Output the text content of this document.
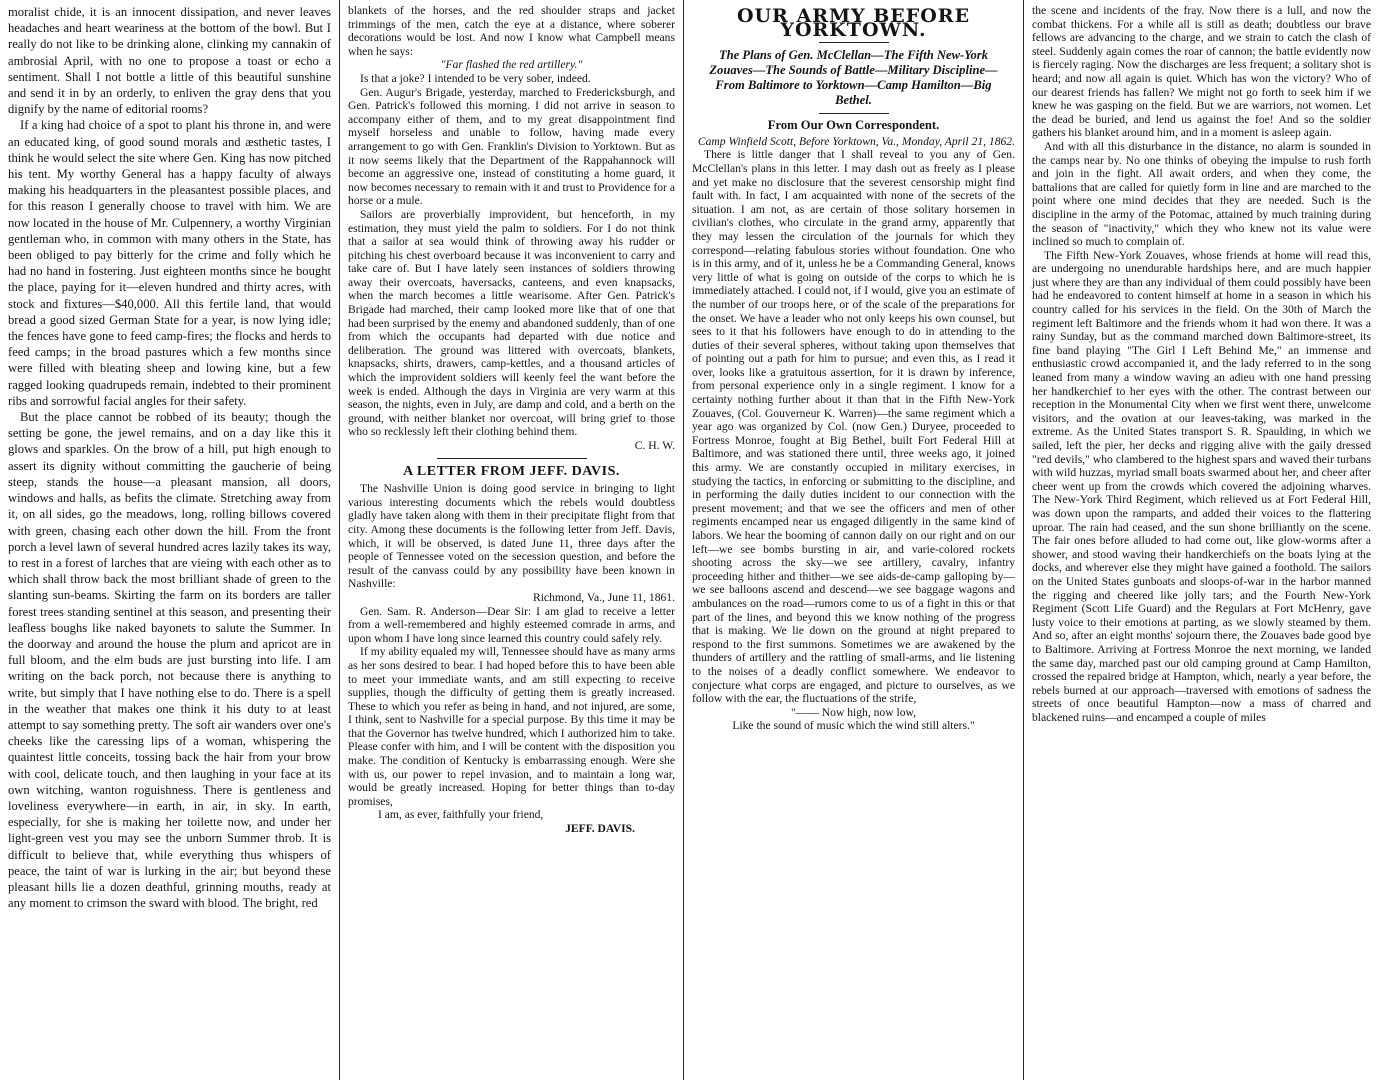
moralist chide, it is an innocent dissipation, and never leaves headaches and heart weariness at the bottom of the bowl. But I really do not like to be drinking alone, clinking my cannakin of ambrosial April, with no one to propose a toast or echo a sentiment. Shall I not bottle a little of this beautiful sunshine and send it in by an orderly, to enliven the gray dens that you dignify by the name of editorial rooms?

If a king had choice of a spot to plant his throne in, and were an educated king, of good sound morals and æsthetic tastes, I think he would select the site where Gen. King has now pitched his tent. My worthy General has a happy faculty of always making his headquarters in the pleasantest possible places, and for this reason I generally choose to travel with him. We are now located in the house of Mr. Culpennery, a worthy Virginian gentleman who, in common with many others in the State, has been obliged to pay bitterly for the crime and folly which he had no hand in fostering. Just eighteen months since he bought the place, paying for it—eleven hundred and thirty acres, with stock and fixtures—$40,000. All this fertile land, that would bread a good sized German State for a year, is now lying idle; the fences have gone to feed camp-fires; the flocks and herds to feed camps; in the broad pastures which a few months since were filled with bleating sheep and lowing kine, but a few ragged looking quadrupeds remain, indebted to their prominent ribs and sorrowful facial angles for their safety.

But the place cannot be robbed of its beauty; though the setting be gone, the jewel remains, and on a day like this it glows and sparkles. On the brow of a hill, put high enough to assert its dignity without committing the gaucherie of being steep, stands the house—a pleasant mansion, all doors, windows and halls, as befits the climate. Stretching away from it, on all sides, go the meadows, long, rolling billows covered with green, chasing each other down the hill. From the front porch a level lawn of several hundred acres lazily takes its way, to rest in a forest of larches that are vieing with each other as to which shall throw back the most brilliant shade of green to the slanting sun-beams. Skirting the farm on its borders are taller forest trees standing sentinel at this season, and presenting their leafless boughs like naked bayonets to salute the Summer. In the doorway and around the house the plum and apricot are in full bloom, and the elm buds are just bursting into life. I am writing on the back porch, not because there is anything to write, but simply that I have nothing else to do. There is a spell in the weather that makes one think it his duty to at least attempt to say something pretty. The soft air wanders over one's cheeks like the caressing lips of a woman, whispering the quaintest little conceits, tossing back the hair from your brow with cool, delicate touch, and then laughing in your face at its own witching, wanton roguishness. There is gentleness and loveliness everywhere—in earth, in air, in sky. In earth, especially, for she is making her toilette now, and under her light-green vest you may see the unborn Summer throb. It is difficult to believe that, while everything thus whispers of peace, the taint of war is lurking in the air; but beyond these pleasant hills lie a dozen deathful, grinning mouths, ready at any moment to crimson the sward with blood. The bright, red

blankets of the horses, and the red shoulder straps and jacket trimmings of the men, catch the eye at a distance, where soberer decorations would be lost. And now I know what Campbell means when he says:

"Far flashed the red artillery."

Is that a joke? I intended to be very sober, indeed.

Gen. Augur's Brigade, yesterday, marched to Fredericksburgh, and Gen. Patrick's followed this morning. I did not arrive in season to accompany either of them, and to my great disappointment find myself horseless and unable to follow, having made every arrangement to go with Gen. Franklin's Division to Yorktown. But as it now seems likely that the Department of the Rappahannock will become an aggressive one, instead of constituting a home guard, it now becomes necessary to remain with it and trust to Providence for a horse or a mule.

Sailors are proverbially improvident, but henceforth, in my estimation, they must yield the palm to soldiers. For I do not think that a sailor at sea would think of throwing away his rudder or pitching his chest overboard because it was inconvenient to carry and take care of. But I have lately seen instances of soldiers throwing away their overcoats, haversacks, canteens, and even knapsacks, when the march becomes a little wearisome. After Gen. Patrick's Brigade had marched, their camp looked more like that of one that had been surprised by the enemy and abandoned suddenly, than of one from which the occupants had departed with due notice and deliberation. The ground was littered with overcoats, blankets, knapsacks, shirts, drawers, camp-kettles, and a thousand articles of which the improvident soldiers will keenly feel the want before the week is ended. Although the days in Virginia are very warm at this season, the nights, even in July, are damp and cold, and a berth on the ground, with neither blanket nor overcoat, will bring grief to those who so recklessly left their clothing behind them.

C. H. W.

A LETTER FROM JEFF. DAVIS.

The Nashville Union is doing good service in bringing to light various interesting documents which the rebels would doubtless gladly have taken along with them in their precipitate flight from that city. Among these documents is the following letter from Jeff. Davis, which, it will be observed, is dated June 11, three days after the people of Tennessee voted on the secession question, and before the result of the canvass could by any possibility have been known in Nashville:

Richmond, Va., June 11, 1861.

Gen. Sam. R. Anderson—Dear Sir: I am glad to receive a letter from a well-remembered and highly esteemed comrade in arms, and upon whom I have long since learned this country could safely rely.

If my ability equaled my will, Tennessee should have as many arms as her sons desired to bear. I had hoped before this to have been able to meet your immediate wants, and am still expecting to receive supplies, though the difficulty of getting them is greatly increased. These to which you refer as being in hand, and not injured, are some, I think, sent to Nashville for a special purpose. By this time it may be that the Governor has twelve hundred, which I authorized him to take. Please confer with him, and I will be content with the disposition you make. The condition of Kentucky is embarrassing enough. Were she with us, our power to repel invasion, and to maintain a long war, would be greatly increased. Hoping for better things than to-day promises,

I am, as ever, faithfully your friend,

JEFF. DAVIS.

OUR ARMY BEFORE YORKTOWN.
The Plans of Gen. McClellan—The Fifth New-York Zouaves—The Sounds of Battle—Military Discipline—From Baltimore to Yorktown—Camp Hamilton—Big Bethel.
From Our Own Correspondent.

Camp Winfield Scott, Before Yorktown, Va., Monday, April 21, 1862.

There is little danger that I shall reveal to you any of Gen. McClellan's plans in this letter. I may dash out as freely as I please and yet make no disclosure that the severest censorship might find fault with. In fact, I am acquainted with none of the secrets of the situation. I am not, as are certain of those solitary horsemen in civilian's clothes, who circulate in the grand army, apparently that they may lessen the circulation of the journals for which they correspond—relating fabulous stories without foundation. One who is in this army, and of it, unless he be a Commanding General, knows very little of what is going on outside of the corps to which he is immediately attached. I could not, if I would, give you an estimate of the number of our troops here, or of the scale of the preparations for the onset. We have a leader who not only keeps his own counsel, but sees to it that his followers have enough to do in attending to the duties of their several spheres, without taking upon themselves that of pointing out a path for him to pursue; and even this, as I read it over, looks like a gratuitous assertion, for it is drawn by inference, from personal experience only in a single regiment. I know for a certainty nothing further about it than that in the Fifth New-York Zouaves, (Col. Gouverneur K. Warren)—the same regiment which a year ago was organized by Col. (now Gen.) Duryee, proceeded to Fortress Monroe, fought at Big Bethel, built Fort Federal Hill at Baltimore, and was stationed there until, three weeks ago, it joined this army. We are constantly occupied in military exercises, in studying the tactics, in enforcing or submitting to the discipline, and in performing the daily duties incident to our connection with the present movement; and that we see the officers and men of other regiments encamped near us engaged diligently in the same kind of labors. We hear the booming of cannon daily on our right and on our left—we see bombs bursting in air, and varie-colored rockets shooting across the sky—we see artillery, cavalry, infantry proceeding hither and thither—we see aids-de-camp galloping by—we see balloons ascend and descend—we see baggage wagons and ambulances on the road—rumors come to us of a fight in this or that part of the lines, and beyond this we know nothing of the progress that is making. We lie down on the ground at night prepared to respond to the first summons. Sometimes we are awakened by the thunders of artillery and the rattling of small-arms, and lie listening to the noises of a deadly conflict somewhere. We endeavor to conjecture what corps are engaged, and picture to ourselves, as we follow with the ear, the fluctuations of the strife,

"—— Now high, now low,

Like the sound of music which the wind still alters."

the scene and incidents of the fray. Now there is a lull, and now the combat thickens. For a while all is still as death; doubtless our brave fellows are advancing to the charge, and we strain to catch the clash of steel. Suddenly again comes the roar of cannon; the battle evidently now is fiercely raging. Now the discharges are less frequent; a solitary shot is heard; and now all again is quiet. Which has won the victory? Who of our dearest friends has fallen? We might not go forth to seek him if we knew he was gasping on the field. But we are warriors, not women. Let the dead be buried, and lend us against the foe! And so the soldier gathers his blanket around him, and in a moment is asleep again.

And with all this disturbance in the distance, no alarm is sounded in the camps near by. No one thinks of obeying the impulse to rush forth and join in the fight. All await orders, and when they come, the battalions that are called for quietly form in line and are marched to the point where one mind decides that they are needed. Such is the discipline in the army of the Potomac, attained by much training during the season of "inactivity," which they who knew not its value were inclined so much to complain of.

The Fifth New-York Zouaves, whose friends at home will read this, are undergoing no unendurable hardships here, and are much happier just where they are than any individual of them could possibly have been had he endeavored to content himself at home in a season in which his country called for his services in the field. On the 30th of March the regiment left Baltimore and the friends whom it had won there. It was a rainy Sunday, but as the command marched down Baltimore-street, its fine band playing "The Girl I Left Behind Me," an immense and enthusiastic crowd accompanied it, and the lady referred to in the song leaned from many a window waving an adieu with one hand pressing her handkerchief to her eyes with the other. The contrast between our reception in the Monumental City when we first went there, unwelcome visitors, and the ovation at our leaves-taking, was marked in the extreme. As the United States transport S. R. Spaulding, in which we sailed, left the pier, her decks and rigging alive with the gaily dressed "red devils," who clambered to the highest spars and waved their turbans with wild huzzas, myriad small boats swarmed about her, and cheer after cheer went up from the crowds which covered the adjoining wharves. The New-York Third Regiment, which relieved us at Fort Federal Hill, was down upon the ramparts, and added their voices to the flattering uproar. The rain had ceased, and the sun shone brilliantly on the scene. The fair ones before alluded to had come out, like glow-worms after a shower, and stood waving their handkerchiefs on the boats lying at the docks, and wherever else they might have gained a foothold. The sailors on the United States gunboats and sloops-of-war in the harbor manned the rigging and cheered like jolly tars; and the Fourth New-York Regiment (Scott Life Guard) and the Regulars at Fort McHenry, gave lusty voice to their emotions at parting, as we slowly steamed by them. And so, after an eight months' sojourn there, the Zouaves bade good bye to Baltimore. Arriving at Fortress Monroe the next morning, we landed the same day, marched past our old camping ground at Camp Hamilton, crossed the repaired bridge at Hampton, which, nearly a year before, the rebels burned at our approach—traversed with emotions of sadness the streets of once beautiful Hampton—now a mass of charred and blackened ruins—and encamped a couple of miles
